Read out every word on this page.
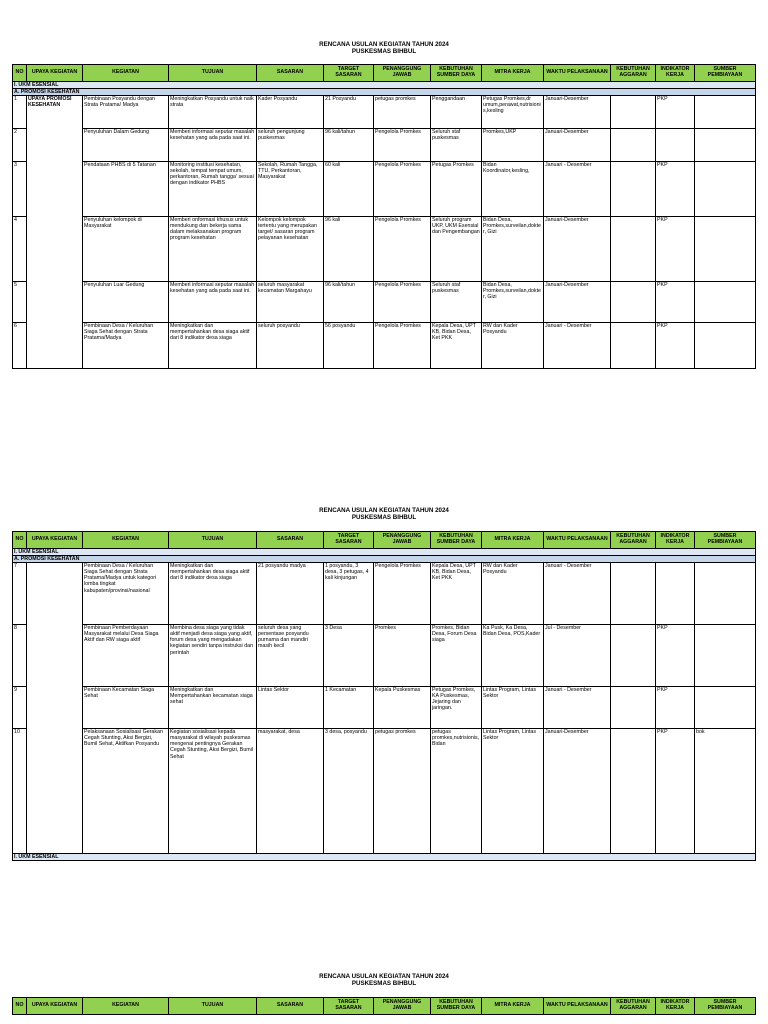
RENCANA USULAN KEGIATAN TAHUN 2024
PUSKESMAS BIHBUL
NO	UPAYA KEGIATAN	KEGIATAN	TUJUAN	SASARAN	TARGET SASARAN	PENANGGUNG JAWAB	KEBUTUHAN SUMBER DAYA	MITRA KERJA	WAKTU PELAKSANAAN	KEBUTUHAN AGGARAN	INDIKATOR KERJA	SUMBER PEMBIAYAAN
I. UKM ESENSIAL												
A. PROMOSI KESEHATAN												
1	UPAYA PROMOSI KESEHATAN	Pembinaan Posyandu dengan Strata Pratama/ Madya	Meningkatkan Posyandu untuk naik strata	Kader Posyandu	21 Posyandu	petugas promkes	Penggandaan	Petugas Promkes,dr umum,perawat,nutrisionis,kesling	Januari-Desember		PKP	
2		Penyuluhan Dalam Gedung	Memberi informasi seputar masalah kesehatan yang ada pada saat ini.	seluruh pengunjung puskesmas	96 kali/tahun	Pengelola Promkes	Seluruh staf puskesmas	Promkes,UKP	Januari-Desember			
3		Pendataan PHBS di 5 Tatanan	Monitoring institusi kesehatan, sekolah, tempat tempat umum, perkantoran, Rumah tangga' sesuai dengan indikator PHBS	Sekolah, Rumah Tangga, TTU, Perkantoran, Masyarakat	60 kali	Pengelola Promkes	Petugas Promkes	Bidan Koordinator,kesling,	Januari - Desember		PKP	
4		Penyuluhan kelompok di Masyarakat	Memberi onformasi khusus untuk mendukung dan bekerja sama dalam melaksanakan program program kesehatan	Kelompok kelompok tertentu yang merupakan target/ sasaran program pelayanan kesehatan	96 kali	Pengelola Promkes	Seluruh program UKP, UKM Esensial dan Pengembangan	Bidan Desa, Promkes,surveilan,dokter, Gizi	Januari-Desember		PKP	
5		Penyuluhan Luar Gedung	Memberi informasi seputar masalah kesehatan yang ada pada saat ini.	seluruh masyarakat kecamatan Margahayu	96 kali/tahun	Pengelola Promkes	Seluruh staf puskesmas	Bidan Desa, Promkes,surveilan,dokter, Gizi	Januari-Desember		PKP	
6		Pembinaan Desa / Keluruhan Siaga Sehat dengan Strata Pratama/Madya	Meningkatkan dan mempertahankan desa siaga aktif dari 8 indikator desa siaga	seluruh posyandu	56 posyandu	Pengelola Promkes	Kepala Desa, UPT KB, Bidan Desa, Ket PKK	RW dan Kader Posyandu	Januari - Desember		PKP	
RENCANA USULAN KEGIATAN TAHUN 2024
PUSKESMAS BIHBUL
NO	UPAYA KEGIATAN	KEGIATAN	TUJUAN	SASARAN	TARGET SASARAN	PENANGGUNG JAWAB	KEBUTUHAN SUMBER DAYA	MITRA KERJA	WAKTU PELAKSANAAN	KEBUTUHAN AGGARAN	INDIKATOR KERJA	SUMBER PEMBIAYAAN
I. UKM ESENSIAL												
A. PROMOSI KESEHATAN												
7		Pembinaan Desa / Keluruhan Siaga Sehat dengan Strata Pratama/Madya untuk kategori lomba tingkat kabupaten/provinsi/nasional	Meningkatkan dan mempertahankan desa siaga aktif dari 8 indikator desa siaga	21 posyandu madya	1 posyandu, 3 desa, 3 petugas, 4 kali kinjungan	Pengelola Promkes	Kepala Desa, UPT KB, Bidan Desa, Ket PKK	RW dan Kader Posyandu	Januari - Desember			
8		Pembinaan Pemberdayaan Masyarakat melalui Desa Siaga Aktif dan RW siaga aktif	Membina desa siaga yang tidak aktif menjadi desa siaga yang aktif, forum desa yang mengadakan kegiatan sendiri tanpa instruksi dan perintah	seluruh desa yang persentase posyandu purnama dan mandiri masih kecil	3 Desa	Promkes	Promkes, Bidan Desa, Forum Desa siaga	Ka Pusk, Ka Desa, Bidan Desa, POS,Kader	Jul - Desember		PKP	
9		Pembinaan Kecamatan Siaga Sehat	Meningkatkan dan Mempertahankan kecamatan siaga sehat	Lintas Sektor	1 Kecamatan	Kepala Puskesmas	Petugas Promkes, KA Puskesmas, Jejaring dan jaringan.	Lintas Program, Lintas Sektor	Januari - Desember		PKP	
10		Pelaksanaan Sosialisasi Gerakan Cegah Stunting, Aksi Bergizi, Bumil Sehat, Aktifkan Posyandu	Kegiatan sosialisasi kepada masyarakat di wilayah puskesmas mengenai pentingnya Gerakan Cegah Stunting, Aksi Bergizi, Bumil Sehat	masyarakat, desa	3 desa, posyandu	petugas promkes	petugas promkes,nutrisionis, Bidan	Lintas Program, Lintas Sektor	Januari-Desember		PKP	bok
I. UKM ESENSIAL												
RENCANA USULAN KEGIATAN TAHUN 2024
PUSKESMAS BIHBUL
NO	UPAYA KEGIATAN	KEGIATAN	TUJUAN	SASARAN	TARGET SASARAN	PENANGGUNG JAWAB	KEBUTUHAN SUMBER DAYA	MITRA KERJA	WAKTU PELAKSANAAN	KEBUTUHAN AGGARAN	INDIKATOR KERJA	SUMBER PEMBIAYAAN
